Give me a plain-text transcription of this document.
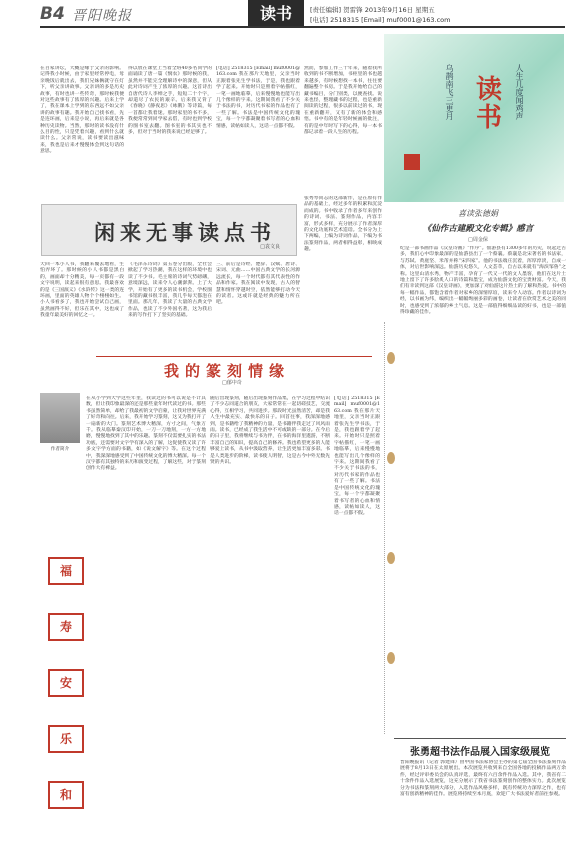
B4 晋阳晚报	读书	[责任编辑] 贺雷锋 2013年9月16日 星期五
[电话] 2518315 [Email] muf0001@163.com
在百家讲坛，大概是缘于父亲的影响。记得我小时候，由于家里经常停电，母亲晚饭后就出去，我们兄妹俩就守在灯下，听父亲讲故事。父亲讲的多是历史故事，有时也讲一些传奇，那时候我便对这些故事有了浓厚的兴趣。后来上学了，我在课本上学到的东西远不如父亲讲的故事有趣。我开始自己找书看，先是连环画，后来是小说，再后来就是各种历史读物。当然，那时的读书没有什么目的性，只是凭着兴趣，看到什么就读什么。父亲常说，读书要读出滋味来，我也是后来才慢慢体会到这句话的意思。
得以放在课堂上当着全班40多名同学的面诵读了唐一篇《悯农》那时候的我，虽然并不能完全理解诗中的深意，但从此对诗词产生了浓厚的兴趣。这首诗出自唐代诗人李绅之手，短短二十个字，却道尽了农民的艰辛。后来我又背了《春晓》《静夜思》《咏鹅》等诗篇，每一首都让我着迷。那时家里的书不多，我便常常到同学家去借，有时也到学校的图书室去翻。图书室的书其实也不多，但对于当时的我来说已经足够了。
[电话] 2518315 [Email] muf0001@163.com 我在那片天地里，父亲当时正跟着张先生学书法，于是，我也跟着学了起来。开始时只是照着字帖描红，一笔一画地临摹，后来慢慢地也能写出几个像样的字来。这期间我看了不少关于书法的书，对历代书家的作品也有了一些了解。书法是中国传统文化的瑰宝，每一个字都凝聚着书写者的心血和情感，读帖如读人，这话一点都不假。
闲来无事读点书
□袁文良
天回一本小人书，我翻来覆去地看，生怕弄坏了。那时候的小人书都是黑白的，画面却十分精美，每一页都有一段文字说明，读起来很有意思。我最喜欢的是《三国演义》《水浒传》这一类的连环画，里面的英雄人物个个栩栩如生。小人书看多了，我也开始尝试自己画，虽然画得不好，但乐在其中，这也成了我童年最美好的回忆之一。
《毛泽东诗词》第五卷分出版，全社会掀起了学习热潮，我在这样的环境中也读了不少书。毛主席的诗词气势磅礴，意境深远，读来令人心潮澎湃。上了大学，开始有了更多的读书机会，学校图书馆的藏书很丰富，我几乎每天都泡在里面。那几年，我读了大量的古典文学作品，也读了不少外国名著，这为我后来的写作打下了坚实的基础。
三、前后是诗经、楚辞、汉赋、唐诗、宋词、元曲……中国古典文学的长河源远流长，每一个时代都有其代表性的作品和作家。我在阅读中发现，古人的智慧和情怀穿越时空，依然能够打动今天的读者。这或许就是经典的魅力所在吧。
然而，参加工作三十年来，随着我所收到的书不断增加，书柜里的书也越来越多，有时候想找一本书，往往要翻遍整个书房。于是我开始给自己的藏书编目，分门别类，以便查找。说来也怪，整理藏书的过程，也是重新阅读的过程，很多以前读过的书，现在重新翻开，又有了新的体会和感悟。书中有的是年轻时候画的批注，有的是中年时写下的心得，每一本书都记录着一段人生的历程。
张秀琴同志的这部新作，是在原有作品的基础上，经过多年的积累和沉淀而成的。书中收录了作者多年来创作的诗词、书法、篆刻作品，内容丰富，形式多样，充分展示了作者深厚的文化功底和艺术造诣。全书分为上下两编，上编为诗词作品，下编为书法篆刻作品，两者相得益彰，相映成趣。
乌鹊南飞三更月 读书 人生几度闻鸡声
喜读张德娟
《仙作古建殿文化专辑》感言
□周金保
纪是一部书画作品《汉皇诗画》“作序”。仙游县有1300多年的历史，说起过古多，我们心中印象最深的是仙游县出了一个蔡襄。蔡襄是北宋著名的书法家，与苏轼、黄庭坚、米芾并称“宋四家”。他的书法端庄沉着，浑厚淳淡，自成一体，对后世影响深远。仙游历史悠久，人文荟萃，自古以来就有“海滨邹鲁”之称。这里山清水秀，物产丰富，孕育了一代又一代的文人墨客，他们在这片土地上留下了许多脍炙人口的诗篇和墨宝，成为仙游文化的宝贵财富。今天，我们有幸读到这部《汉皇诗画》，更加深了对仙游这片热土的了解和热爱。书中的每一幅作品，都饱含着作者对家乡的深情厚谊，读来令人动容。作者以诗词为经，以书画为纬，编织出一幅幅绚丽多彩的画卷，让读者在欣赏艺术之美的同时，也感受到了浓郁的乡土气息。这是一部值得细细品读的好书，也是一部值得珍藏的佳作。
我的篆刻情缘
□郁中奇
作者简介
在从小学到大学这些年里，我读过的书可以说是不计其数，但让我印象最深的还是那些童年时代读过的书。那些书虽然简单，却给了我最初的文学启蒙，让我对世界充满了好奇和向往。后来，我开始学习篆刻，这又为我打开了一扇新的大门。篆刻艺术博大精深，方寸之间，气象万千。我从临摹秦汉印开始，一刀一刀地刻，一方一方地磨，慢慢地找到了其中的乐趣。篆刻不仅需要扎实的书法功底，还需要对文字学有深入的了解，这促使我又读了许多文字学方面的书籍，如《说文解字》等。在这个过程中，我深深地感受到了中国传统文化的博大精深。每一个汉字都有其独特的来历和演变过程，了解这些，对于篆刻创作大有裨益。
随后出现篆刻，随后出现篆刻作品集，在学习过程中结识了不少志同道合的朋友，大家常常在一起切磋技艺，交流心得，互相学习，共同进步。那段时光虽然清苦，却是我人生中最充实、最快乐的日子。回首往事，我深深地感到，是书籍给了我精神的力量，是书籍伴我走过了风风雨雨。读书，已经成了我生活中不可或缺的一部分。在今后的日子里，我将继续与书为伴，在书的海洋里遨游，不断丰富自己的知识，提高自己的修养。我也希望更多的人能够爱上读书，从书中汲取营养，让生活更加丰富多彩。书是人类进步的阶梯，读书使人明智，这是古今中外无数先贤的共识。
[电话] 2518315 [Email] muf0001@163.com 我在那片天地里，父亲当时正跟着张先生学书法，于是，我也跟着学了起来。开始时只是照着字帖描红，一笔一画地临摹，后来慢慢地也能写出几个像样的字来。这期间我看了不少关于书法的书，对历代书家的作品也有了一些了解。书法是中国传统文化的瑰宝，每一个字都凝聚着书写者的心血和情感，读帖如读人，这话一点都不假。
福
寿
安
乐
和
张勇超书法作品展入国家级展览
晋阳晚报讯（记者 郭建锋）由中国书法家协会主办的第七届全国书法篆刻作品展将于8月13日在太原展出。本次展览共收到来自全国各地的投稿作品两万余件，经过评审委员会的认真评选，最终有六百余件作品入选。其中，我省有二十余件作品入选展览，这充分展示了我省书法篆刻创作的整体实力。此次展览分为书法和篆刻两大部分，入选作品风格多样，既有传统功力深厚之作，也有富有创新精神的佳作。展览将持续至本月底，欢迎广大书法爱好者前往参观。
